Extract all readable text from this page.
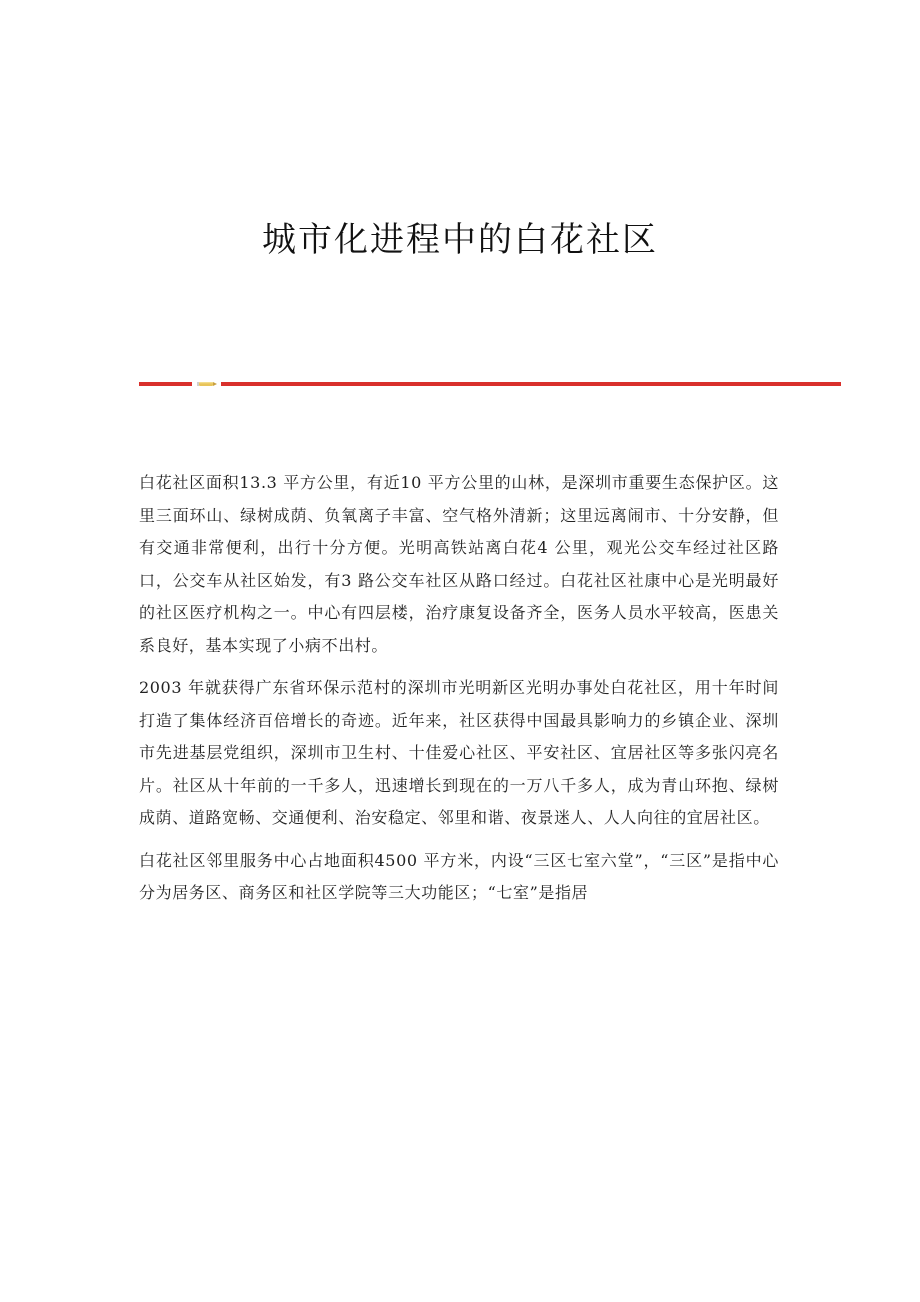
城市化进程中的白花社区

白花社区面积13.3 平方公里，有近10 平方公里的山林，是深圳市重要生态保护区。这里三面环山、绿树成荫、负氧离子丰富、空气格外清新；这里远离闹市、十分安静，但有交通非常便利，出行十分方便。光明高铁站离白花4 公里，观光公交车经过社区路口，公交车从社区始发，有3 路公交车社区从路口经过。白花社区社康中心是光明最好的社区医疗机构之一。中心有四层楼，治疗康复设备齐全，医务人员水平较高，医患关系良好，基本实现了小病不出村。

2003 年就获得广东省环保示范村的深圳市光明新区光明办事处白花社区，用十年时间打造了集体经济百倍增长的奇迹。近年来，社区获得中国最具影响力的乡镇企业、深圳市先进基层党组织，深圳市卫生村、十佳爱心社区、平安社区、宜居社区等多张闪亮名片。社区从十年前的一千多人，迅速增长到现在的一万八千多人，成为青山环抱、绿树成荫、道路宽畅、交通便利、治安稳定、邻里和谐、夜景迷人、人人向往的宜居社区。

白花社区邻里服务中心占地面积4500 平方米，内设“三区七室六堂”，“三区”是指中心分为居务区、商务区和社区学院等三大功能区；“七室”是指居
